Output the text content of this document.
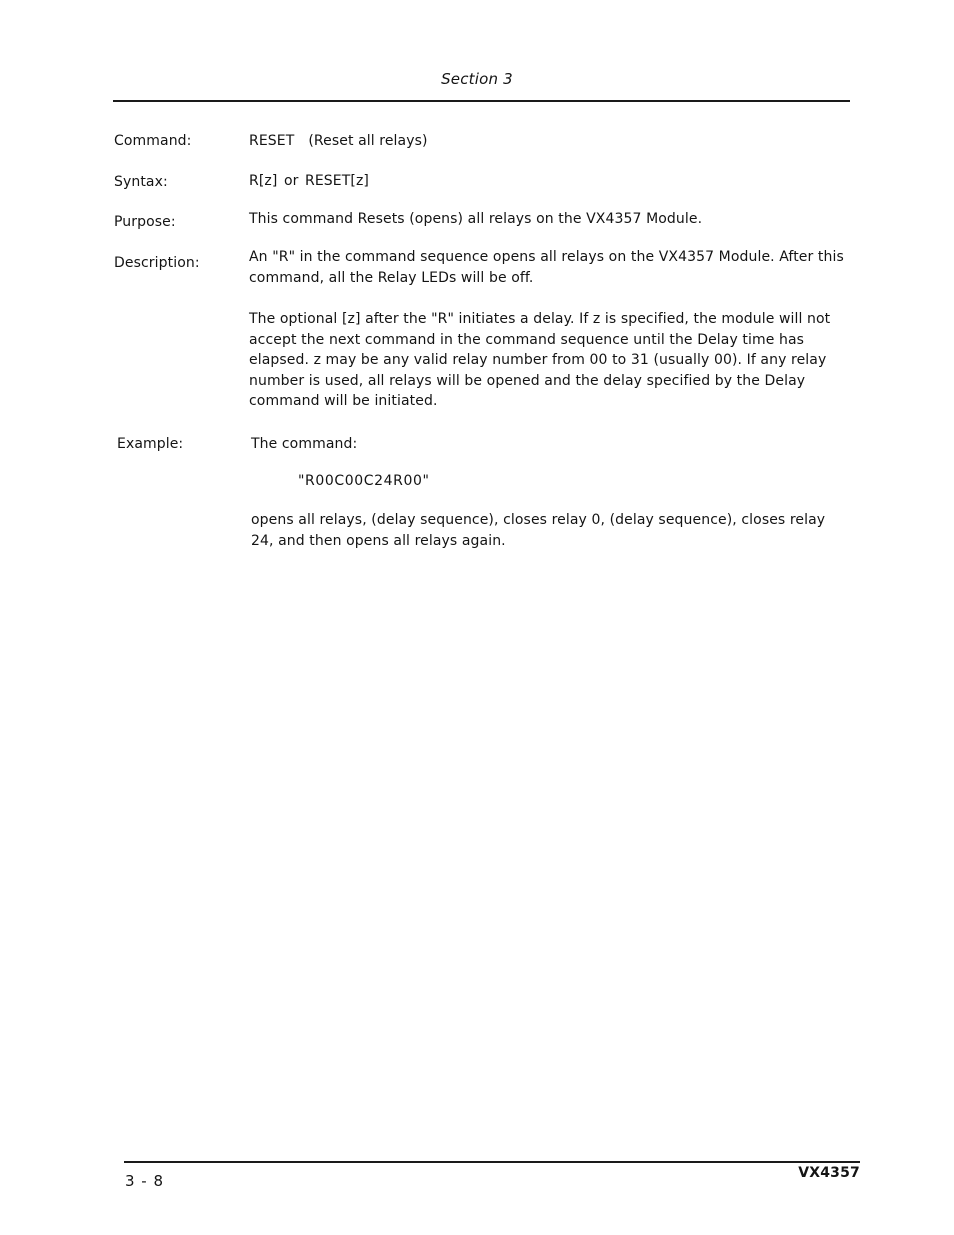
Section 3
Command:	RESET (Reset all relays)
Syntax:	R[z] or RESET[z]
Purpose:	This command Resets (opens) all relays on the VX4357 Module.
Description:	An "R" in the command sequence opens all relays on the VX4357 Module. After this command, all the Relay LEDs will be off.
The optional [z] after the "R" initiates a delay. If z is specified, the module will not accept the next command in the command sequence until the Delay time has elapsed. z may be any valid relay number from 00 to 31 (usually 00). If any relay number is used, all relays will be opened and the delay specified by the Delay command will be initiated.
Example:	The command:
"R00C00C24R00"
opens all relays, (delay sequence), closes relay 0, (delay sequence), closes relay 24, and then opens all relays again.
3 - 8	VX4357
